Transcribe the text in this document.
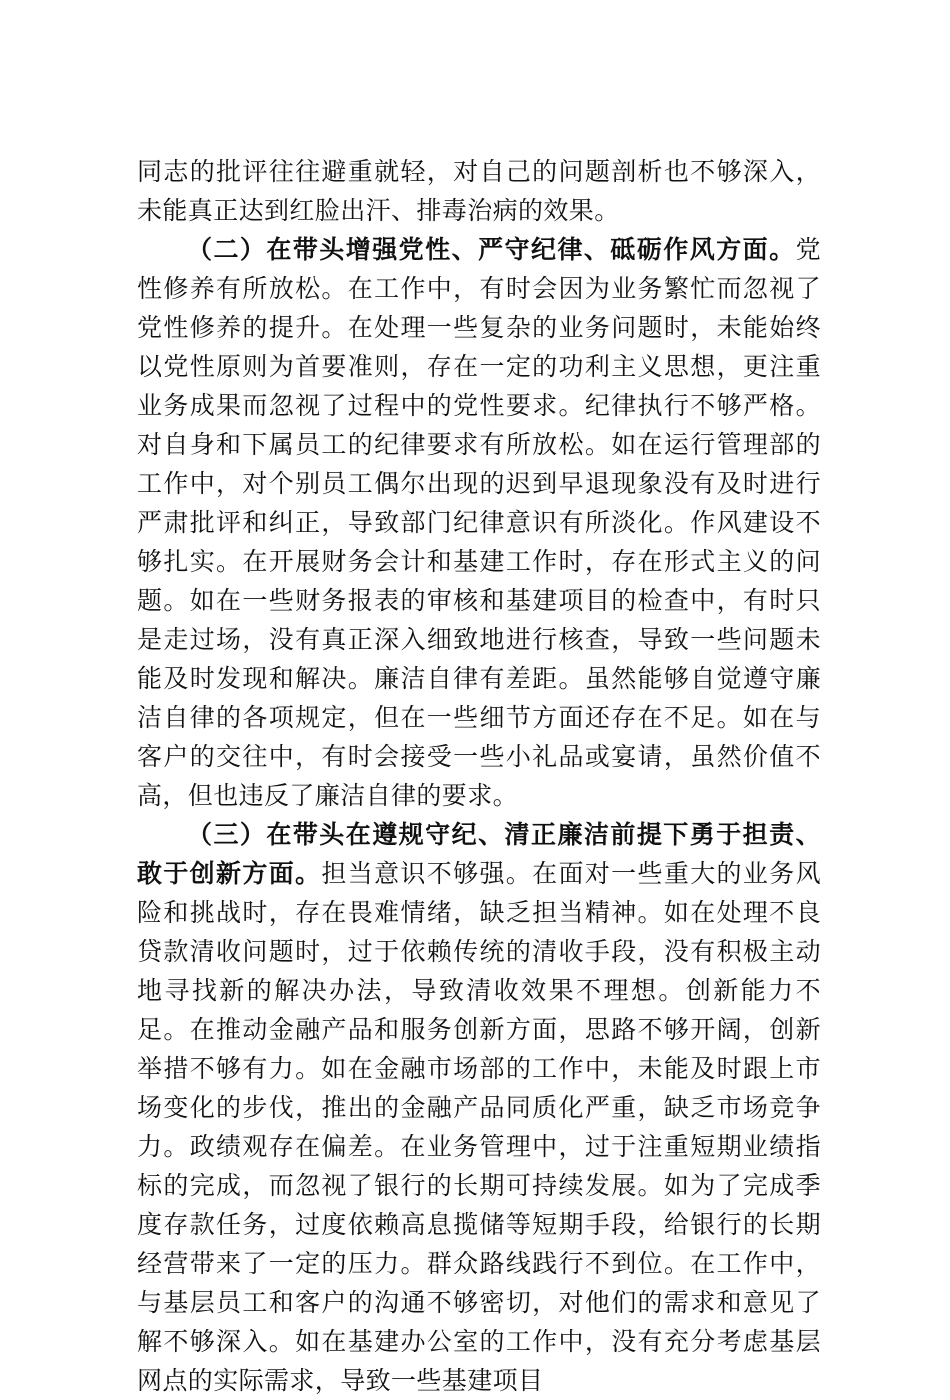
同志的批评往往避重就轻，对自己的问题剖析也不够深入，未能真正达到红脸出汗、排毒治病的效果。

（二）在带头增强党性、严守纪律、砥砺作风方面。党性修养有所放松。在工作中，有时会因为业务繁忙而忽视了党性修养的提升。在处理一些复杂的业务问题时，未能始终以党性原则为首要准则，存在一定的功利主义思想，更注重业务成果而忽视了过程中的党性要求。纪律执行不够严格。对自身和下属员工的纪律要求有所放松。如在运行管理部的工作中，对个别员工偶尔出现的迟到早退现象没有及时进行严肃批评和纠正，导致部门纪律意识有所淡化。作风建设不够扎实。在开展财务会计和基建工作时，存在形式主义的问题。如在一些财务报表的审核和基建项目的检查中，有时只是走过场，没有真正深入细致地进行核查，导致一些问题未能及时发现和解决。廉洁自律有差距。虽然能够自觉遵守廉洁自律的各项规定，但在一些细节方面还存在不足。如在与客户的交往中，有时会接受一些小礼品或宴请，虽然价值不高，但也违反了廉洁自律的要求。

（三）在带头在遵规守纪、清正廉洁前提下勇于担责、敢于创新方面。担当意识不够强。在面对一些重大的业务风险和挑战时，存在畏难情绪，缺乏担当精神。如在处理不良贷款清收问题时，过于依赖传统的清收手段，没有积极主动地寻找新的解决办法，导致清收效果不理想。创新能力不足。在推动金融产品和服务创新方面，思路不够开阔，创新举措不够有力。如在金融市场部的工作中，未能及时跟上市场变化的步伐，推出的金融产品同质化严重，缺乏市场竞争力。政绩观存在偏差。在业务管理中，过于注重短期业绩指标的完成，而忽视了银行的长期可持续发展。如为了完成季度存款任务，过度依赖高息揽储等短期手段，给银行的长期经营带来了一定的压力。群众路线践行不到位。在工作中，与基层员工和客户的沟通不够密切，对他们的需求和意见了解不够深入。如在基建办公室的工作中，没有充分考虑基层网点的实际需求，导致一些基建项目
